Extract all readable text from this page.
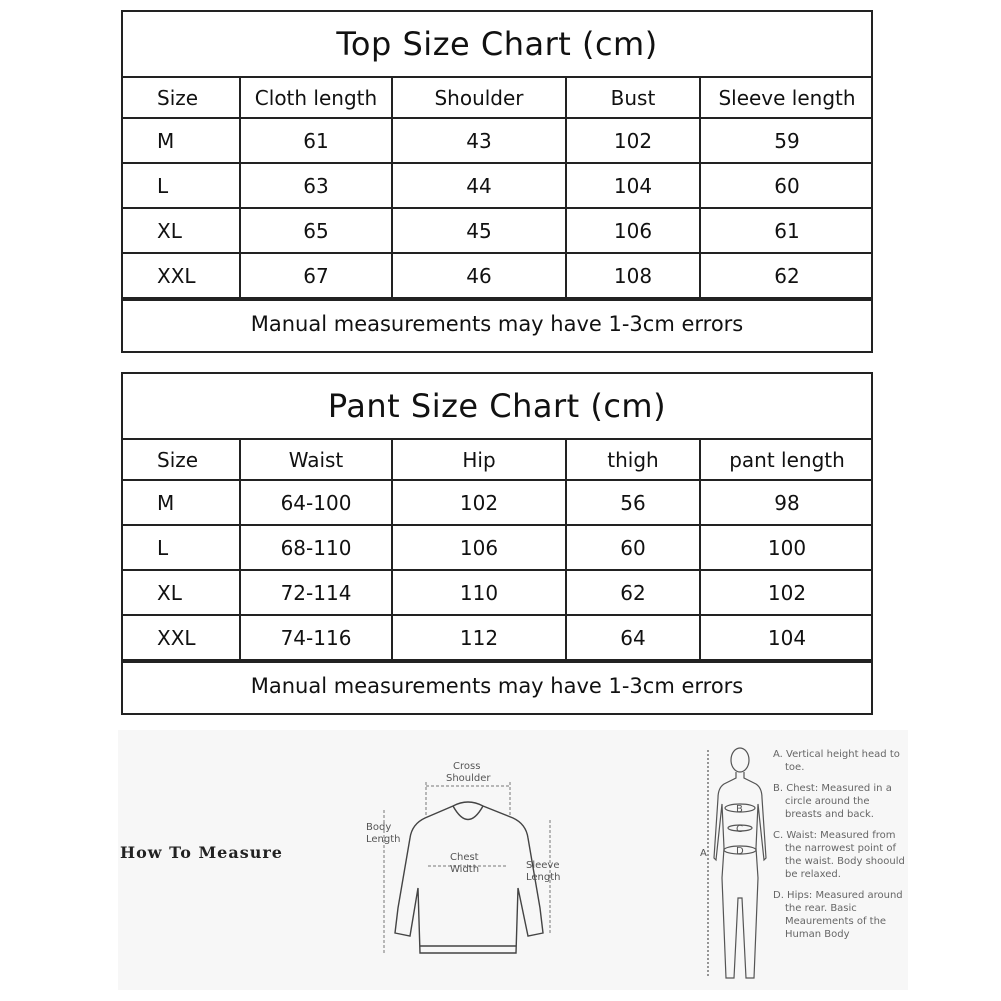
Top Size Chart (cm)
Size	Cloth length	Shoulder	Bust	Sleeve length
M	61	43	102	59
L	63	44	104	60
XL	65	45	106	61
XXL	67	46	108	62
Manual measurements may have 1-3cm errors
Pant Size Chart (cm)
Size	Waist	Hip	thigh	pant length
M	64-100	102	56	98
L	68-110	106	60	100
XL	72-114	110	62	102
XXL	74-116	112	64	104
Manual measurements may have 1-3cm errors
How To Measure
Cross
Shoulder
Body
Length
Chest
Width	Sleeve
Length
A
B
C
D

A. Vertical height head to toe.

B. Chest: Measured in a circle around the breasts and back.

C. Waist: Measured from the narrowest point of the waist. Body shoould be relaxed.

D. Hips: Measured around the rear. Basic Meaurements of the Human Body
